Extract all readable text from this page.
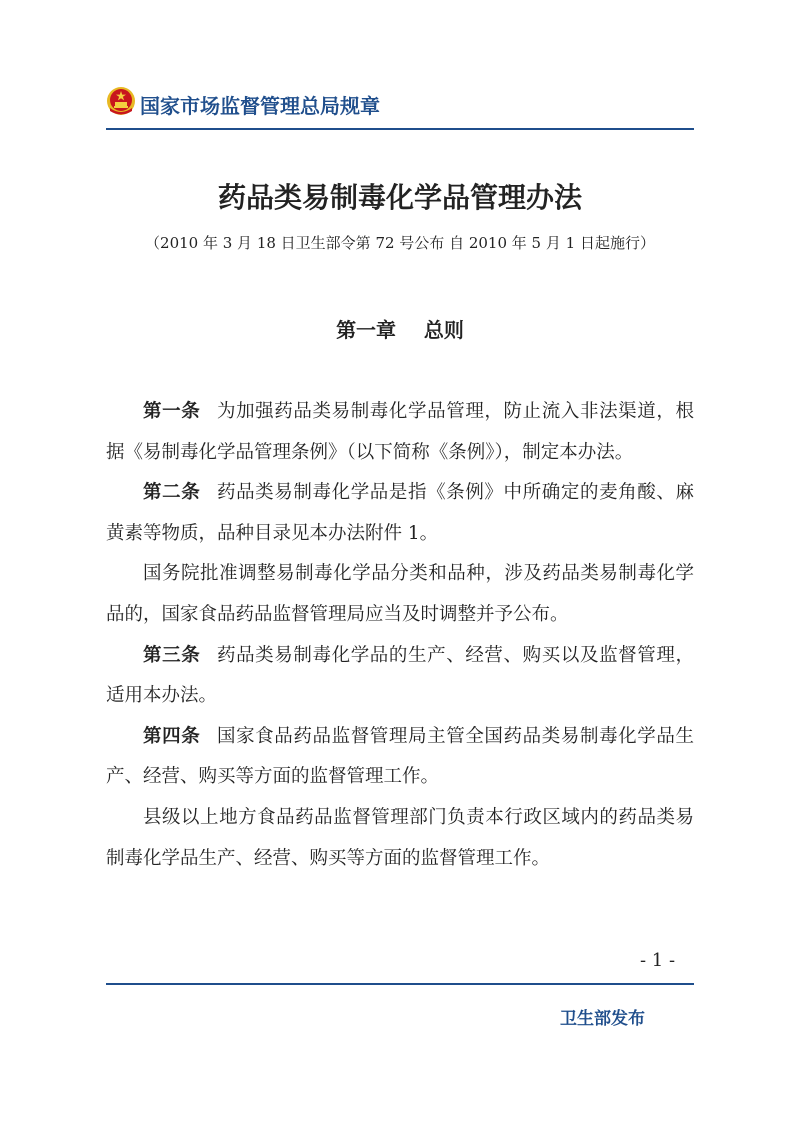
国家市场监督管理总局规章
药品类易制毒化学品管理办法
（2010 年 3 月 18 日卫生部令第 72 号公布 自 2010 年 5 月 1 日起施行）
第一章    总则

第一条 为加强药品类易制毒化学品管理，防止流入非法渠道，根据《易制毒化学品管理条例》（以下简称《条例》），制定本办法。

第二条 药品类易制毒化学品是指《条例》中所确定的麦角酸、麻黄素等物质，品种目录见本办法附件 1。

国务院批准调整易制毒化学品分类和品种，涉及药品类易制毒化学品的，国家食品药品监督管理局应当及时调整并予公布。

第三条 药品类易制毒化学品的生产、经营、购买以及监督管理，适用本办法。

第四条 国家食品药品监督管理局主管全国药品类易制毒化学品生产、经营、购买等方面的监督管理工作。

县级以上地方食品药品监督管理部门负责本行政区域内的药品类易制毒化学品生产、经营、购买等方面的监督管理工作。

- 1 -
卫生部发布
